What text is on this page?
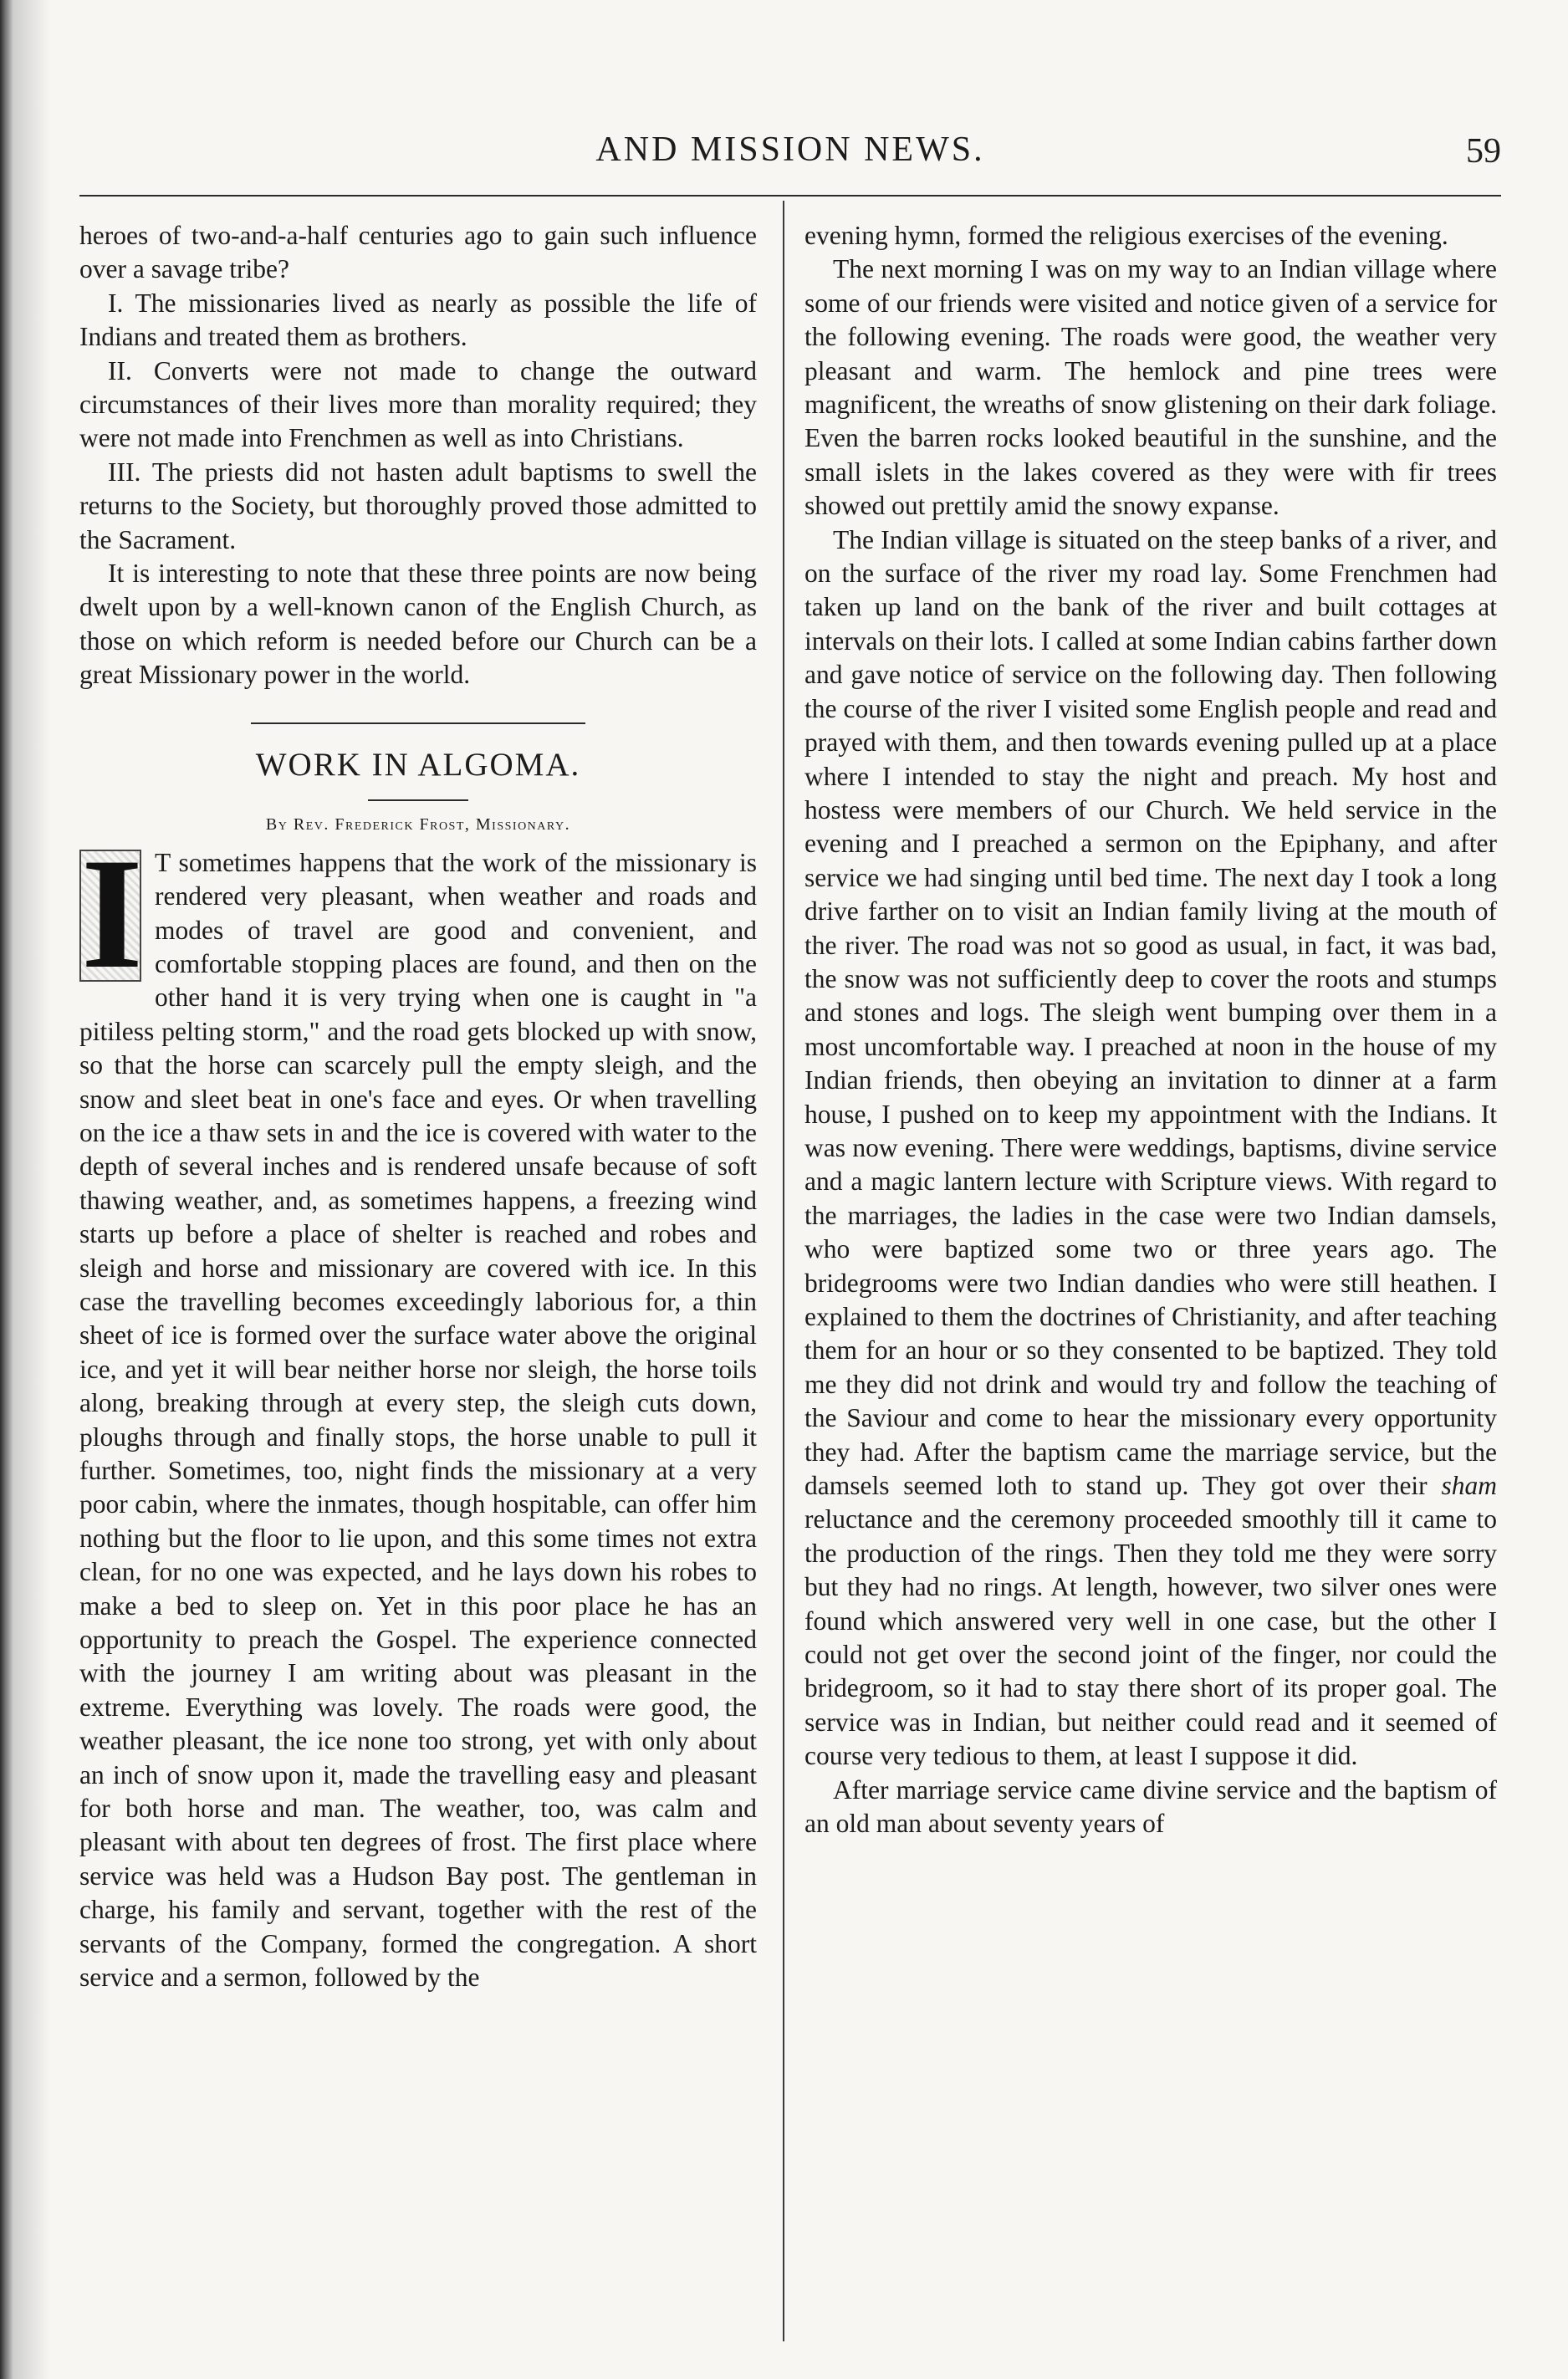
AND MISSION NEWS.	59

heroes of two-and-a-half centuries ago to gain such influence over a savage tribe?

I. The missionaries lived as nearly as possible the life of Indians and treated them as brothers.

II. Converts were not made to change the outward circumstances of their lives more than morality required; they were not made into Frenchmen as well as into Christians.

III. The priests did not hasten adult baptisms to swell the returns to the Society, but thoroughly proved those admitted to the Sacrament.

It is interesting to note that these three points are now being dwelt upon by a well-known canon of the English Church, as those on which reform is needed before our Church can be a great Missionary power in the world.

WORK IN ALGOMA.
By Rev. Frederick Frost, Missionary.
I T sometimes happens that the work of the missionary is rendered very pleasant, when weather and roads and modes of travel are good and convenient, and comfortable stopping places are found, and then on the other hand it is very trying when one is caught in "a pitiless pelting storm," and the road gets blocked up with snow, so that the horse can scarcely pull the empty sleigh, and the snow and sleet beat in one's face and eyes. Or when travelling on the ice a thaw sets in and the ice is covered with water to the depth of several inches and is rendered unsafe because of soft thawing weather, and, as sometimes happens, a freezing wind starts up before a place of shelter is reached and robes and sleigh and horse and missionary are covered with ice. In this case the travelling becomes exceedingly laborious for, a thin sheet of ice is formed over the surface water above the original ice, and yet it will bear neither horse nor sleigh, the horse toils along, breaking through at every step, the sleigh cuts down, ploughs through and finally stops, the horse unable to pull it further. Sometimes, too, night finds the missionary at a very poor cabin, where the inmates, though hospitable, can offer him nothing but the floor to lie upon, and this some times not extra clean, for no one was expected, and he lays down his robes to make a bed to sleep on. Yet in this poor place he has an opportunity to preach the Gospel. The experience connected with the journey I am writing about was pleasant in the extreme. Everything was lovely. The roads were good, the weather pleasant, the ice none too strong, yet with only about an inch of snow upon it, made the travelling easy and pleasant for both horse and man. The weather, too, was calm and pleasant with about ten degrees of frost. The first place where service was held was a Hudson Bay post. The gentleman in charge, his family and servant, together with the rest of the servants of the Company, formed the congregation. A short service and a sermon, followed by the

evening hymn, formed the religious exercises of the evening.

The next morning I was on my way to an Indian village where some of our friends were visited and notice given of a service for the following evening. The roads were good, the weather very pleasant and warm. The hemlock and pine trees were magnificent, the wreaths of snow glistening on their dark foliage. Even the barren rocks looked beautiful in the sunshine, and the small islets in the lakes covered as they were with fir trees showed out prettily amid the snowy expanse.

The Indian village is situated on the steep banks of a river, and on the surface of the river my road lay. Some Frenchmen had taken up land on the bank of the river and built cottages at intervals on their lots. I called at some Indian cabins farther down and gave notice of service on the following day. Then following the course of the river I visited some English people and read and prayed with them, and then towards evening pulled up at a place where I intended to stay the night and preach. My host and hostess were members of our Church. We held service in the evening and I preached a sermon on the Epiphany, and after service we had singing until bed time. The next day I took a long drive farther on to visit an Indian family living at the mouth of the river. The road was not so good as usual, in fact, it was bad, the snow was not sufficiently deep to cover the roots and stumps and stones and logs. The sleigh went bumping over them in a most uncomfortable way. I preached at noon in the house of my Indian friends, then obeying an invitation to dinner at a farm house, I pushed on to keep my appointment with the Indians. It was now evening. There were weddings, baptisms, divine service and a magic lantern lecture with Scripture views. With regard to the marriages, the ladies in the case were two Indian damsels, who were baptized some two or three years ago. The bridegrooms were two Indian dandies who were still heathen. I explained to them the doctrines of Christianity, and after teaching them for an hour or so they consented to be baptized. They told me they did not drink and would try and follow the teaching of the Saviour and come to hear the missionary every opportunity they had. After the baptism came the marriage service, but the damsels seemed loth to stand up. They got over their sham reluctance and the ceremony proceeded smoothly till it came to the production of the rings. Then they told me they were sorry but they had no rings. At length, however, two silver ones were found which answered very well in one case, but the other I could not get over the second joint of the finger, nor could the bridegroom, so it had to stay there short of its proper goal. The service was in Indian, but neither could read and it seemed of course very tedious to them, at least I suppose it did.

After marriage service came divine service and the baptism of an old man about seventy years of
